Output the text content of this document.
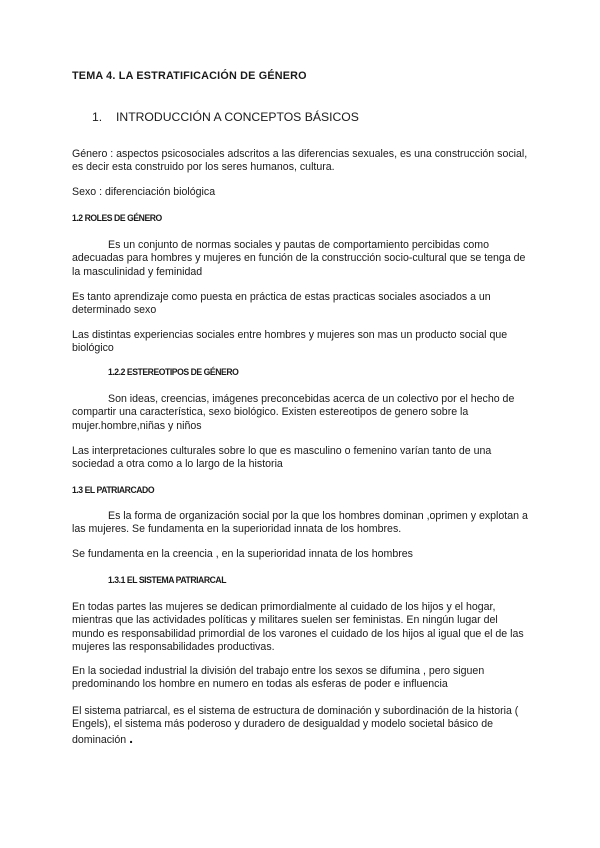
TEMA 4. LA ESTRATIFICACIÓN DE GÉNERO

1. INTRODUCCIÓN A CONCEPTOS BÁSICOS

Género : aspectos psicosociales adscritos a las diferencias sexuales, es una construcción social, es decir esta construido por los seres humanos, cultura.

Sexo : diferenciación biológica

1.2 ROLES DE GÉNERO

Es un conjunto de normas sociales y pautas de comportamiento percibidas como adecuadas para hombres y mujeres en función de la construcción socio-cultural que se tenga de la masculinidad y feminidad

Es tanto aprendizaje como puesta en práctica de estas practicas sociales asociados a un determinado sexo

Las distintas experiencias sociales entre hombres y mujeres son mas un producto social que biológico

1.2.2 ESTEREOTIPOS DE GÉNERO

Son ideas, creencias, imágenes preconcebidas acerca de un colectivo por el hecho de compartir una característica, sexo biológico. Existen estereotipos de genero sobre la mujer.hombre,niñas y niños

Las interpretaciones culturales sobre lo que es masculino o femenino varían tanto de una sociedad a otra como a lo largo de la historia

1.3 EL PATRIARCADO

Es la forma de organización social por la que los hombres dominan ,oprimen y explotan a las mujeres. Se fundamenta en la superioridad innata de los hombres.

Se fundamenta en la creencia , en la superioridad innata de los hombres

1.3.1 EL SISTEMA PATRIARCAL

En todas partes las mujeres se dedican primordialmente al cuidado de los hijos y el hogar, mientras que las actividades políticas y militares suelen ser feministas. En ningún lugar del mundo es responsabilidad primordial de los varones el cuidado de los hijos al igual que el de las mujeres las responsabilidades productivas.

En la sociedad industrial la división del trabajo entre los sexos se difumina , pero siguen predominando los hombre en numero en todas als esferas de poder e influencia

El sistema patriarcal, es el sistema de estructura de dominación y subordinación de la historia ( Engels), el sistema más poderoso y duradero de desigualdad y modelo societal básico de dominación .
